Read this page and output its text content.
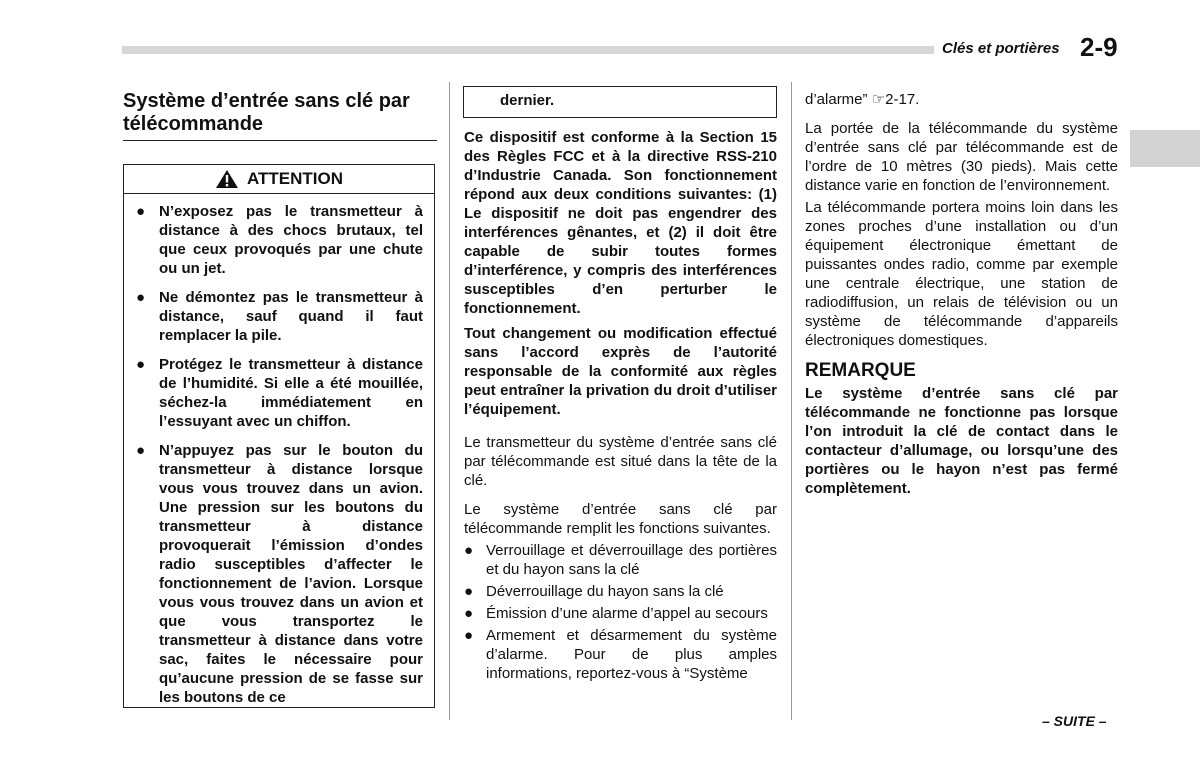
Clés et portières 2-9
Système d’entrée sans clé par télécommande
ATTENTION
● N’exposez pas le transmetteur à distance à des chocs brutaux, tel que ceux provoqués par une chute ou un jet.
● Ne démontez pas le transmetteur à distance, sauf quand il faut remplacer la pile.
● Protégez le transmetteur à distance de l’humidité. Si elle a été mouillée, séchez-la immédiatement en l’essuyant avec un chiffon.
● N’appuyez pas sur le bouton du transmetteur à distance lorsque vous vous trouvez dans un avion. Une pression sur les boutons du transmetteur à distance provoquerait l’émission d’ondes radio susceptibles d’affecter le fonctionnement de l’avion. Lorsque vous vous trouvez dans un avion et que vous transportez le transmetteur à distance dans votre sac, faites le nécessaire pour qu’aucune pression de se fasse sur les boutons de ce
dernier.

Ce dispositif est conforme à la Section 15 des Règles FCC et à la directive RSS-210 d’Industrie Canada. Son fonctionnement répond aux deux conditions suivantes: (1) Le dispositif ne doit pas engendrer des interférences gênantes, et (2) il doit être capable de subir toutes formes d’interférence, y compris des interférences susceptibles d’en perturber le fonctionnement.

Tout changement ou modification effectué sans l’accord exprès de l’autorité responsable de la conformité aux règles peut entraîner la privation du droit d’utiliser l’équipement.

Le transmetteur du système d’entrée sans clé par télécommande est situé dans la tête de la clé.

Le système d’entrée sans clé par télécommande remplit les fonctions suivantes.

● Verrouillage et déverrouillage des portières et du hayon sans la clé
● Déverrouillage du hayon sans la clé
● Émission d’une alarme d’appel au secours
● Armement et désarmement du système d’alarme. Pour de plus amples informations, reportez-vous à “Système

d’alarme” ☞2-17.

La portée de la télécommande du système d’entrée sans clé par télécommande est de l’ordre de 10 mètres (30 pieds). Mais cette distance varie en fonction de l’environnement.

La télécommande portera moins loin dans les zones proches d’une installation ou d’un équipement électronique émettant de puissantes ondes radio, comme par exemple une centrale électrique, une station de radiodiffusion, un relais de télévision ou un système de télécommande d’appareils électroniques domestiques.

REMARQUE

Le système d’entrée sans clé par télécommande ne fonctionne pas lorsque l’on introduit la clé de contact dans le contacteur d’allumage, ou lorsqu’une des portières ou le hayon n’est pas fermé complètement.

– SUITE –
